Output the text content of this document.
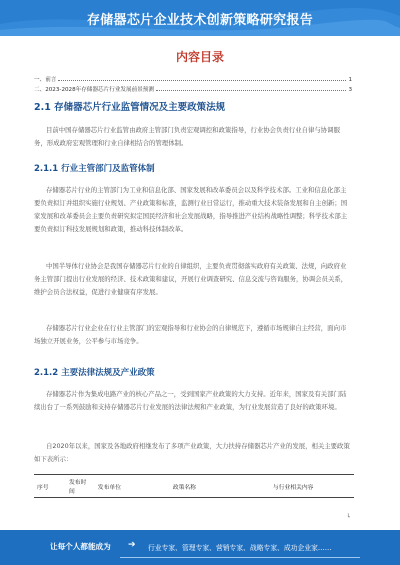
存储器芯片企业技术创新策略研究报告
内容目录
一、前言	1
二、2023-2028年存储器芯片行业发展前景预测	3
2.1 存储器芯片行业监管情况及主要政策法规
目前中国存储器芯片行业监管由政府主管部门负责宏观调控和政策指导，行业协会负责行业自律与协调服务，形成政府宏观管理和行业自律相结合的管理体制。
2.1.1 行业主管部门及监管体制
存储器芯片行业的主管部门为工业和信息化部、国家发展和改革委员会以及科学技术部。工业和信息化部主要负责拟订并组织实施行业规划、产业政策和标准，监测行业日常运行，推动重大技术装备发展和自主创新；国家发展和改革委员会主要负责研究拟定国民经济和社会发展战略，指导推进产业结构战略性调整；科学技术部主要负责拟订科技发展规划和政策，推动科技体制改革。
中国半导体行业协会是我国存储器芯片行业的自律组织，主要负责贯彻落实政府有关政策、法规，向政府业务主管部门提出行业发展的经济、技术政策和建议，开展行业调查研究、信息交流与咨询服务，协调会员关系，维护会员合法权益，促进行业健康有序发展。
存储器芯片行业企业在行业主管部门的宏观指导和行业协会的自律规范下，遵循市场规律自主经营，面向市场独立开展业务，公平参与市场竞争。
2.1.2 主要法律法规及产业政策
存储器芯片作为集成电路产业的核心产品之一，受到国家产业政策的大力支持。近年来，国家及有关部门陆续出台了一系列鼓励和支持存储器芯片行业发展的法律法规和产业政策，为行业发展营造了良好的政策环境。
自2020年以来，国家及各地政府相继发布了多项产业政策，大力扶持存储器芯片产业的发展，相关主要政策如下表所示：
序号	发布时间	发布单位	政策名称	与行业相关内容

└
让每个人都能成为 ➔ 行业专家、管理专家、营销专家、战略专家、成功企业家……
